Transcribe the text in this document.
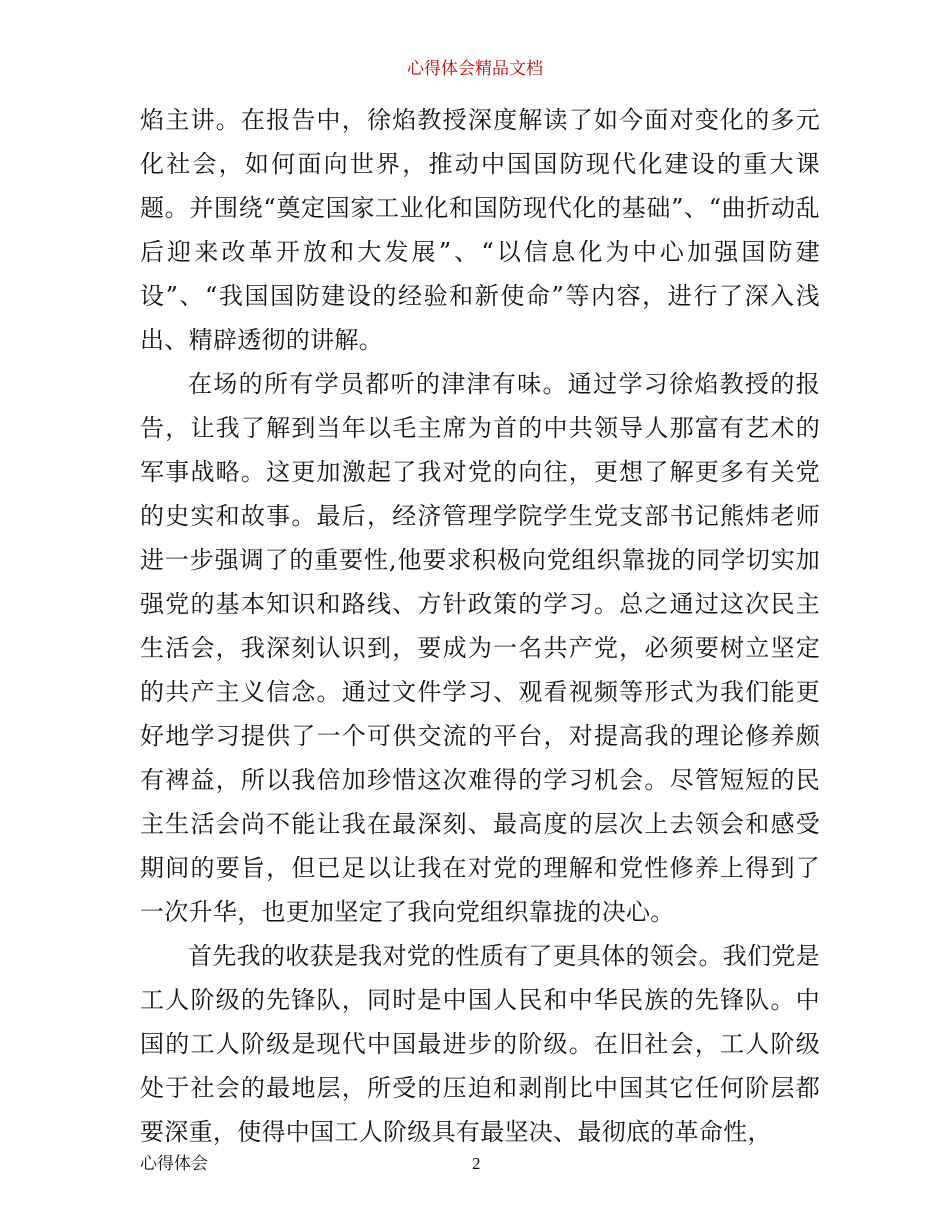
心得体会精品文档

焰主讲。在报告中，徐焰教授深度解读了如今面对变化的多元化社会，如何面向世界，推动中国国防现代化建设的重大课题。并围绕“奠定国家工业化和国防现代化的基础”、“曲折动乱后迎来改革开放和大发展”、“以信息化为中心加强国防建设”、“我国国防建设的经验和新使命”等内容，进行了深入浅出、精辟透彻的讲解。

在场的所有学员都听的津津有味。通过学习徐焰教授的报告，让我了解到当年以毛主席为首的中共领导人那富有艺术的军事战略。这更加激起了我对党的向往，更想了解更多有关党的史实和故事。最后，经济管理学院学生党支部书记熊炜老师进一步强调了的重要性,他要求积极向党组织靠拢的同学切实加强党的基本知识和路线、方针政策的学习。总之通过这次民主生活会，我深刻认识到，要成为一名共产党，必须要树立坚定的共产主义信念。通过文件学习、观看视频等形式为我们能更好地学习提供了一个可供交流的平台，对提高我的理论修养颇有裨益，所以我倍加珍惜这次难得的学习机会。尽管短短的民主生活会尚不能让我在最深刻、最高度的层次上去领会和感受期间的要旨，但已足以让我在对党的理解和党性修养上得到了一次升华，也更加坚定了我向党组织靠拢的决心。

首先我的收获是我对党的性质有了更具体的领会。我们党是工人阶级的先锋队，同时是中国人民和中华民族的先锋队。中国的工人阶级是现代中国最进步的阶级。在旧社会，工人阶级处于社会的最地层，所受的压迫和剥削比中国其它任何阶层都要深重，使得中国工人阶级具有最坚决、最彻底的革命性，

心得体会	2
